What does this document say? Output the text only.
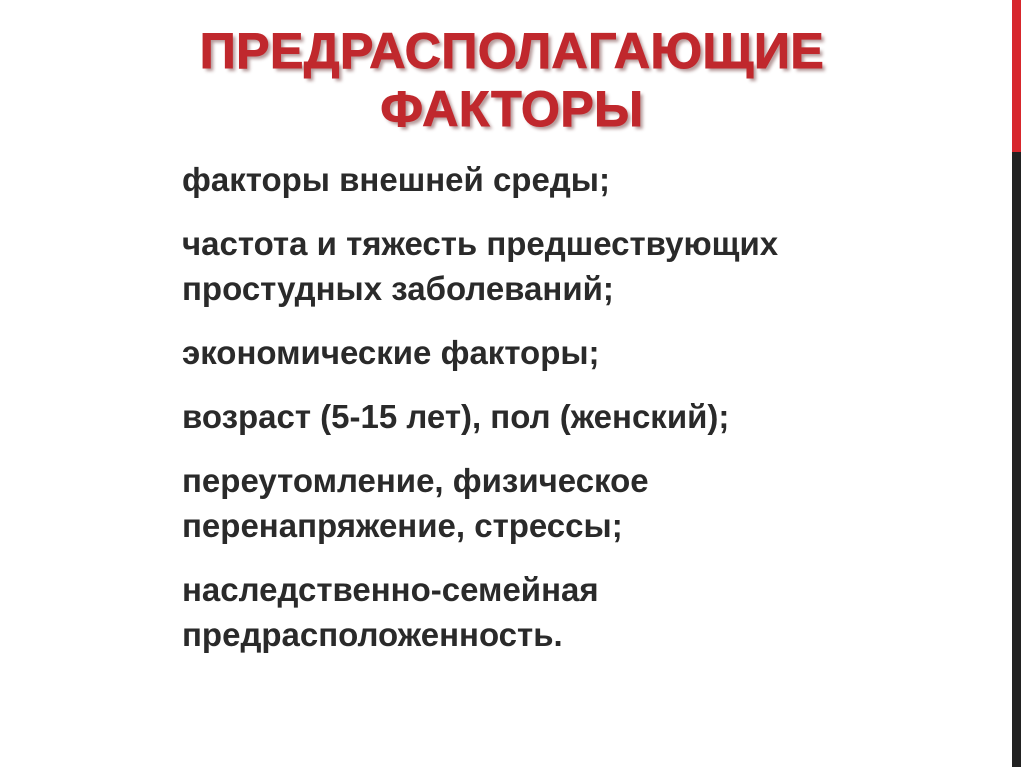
ПРЕДРАСПОЛАГАЮЩИЕ
ФАКТОРЫ
факторы внешней среды;
частота и тяжесть предшествующих простудных заболеваний;
экономические факторы;
возраст (5-15 лет), пол (женский);
переутомление, физическое перенапряжение, стрессы;
наследственно-семейная предрасположенность.
